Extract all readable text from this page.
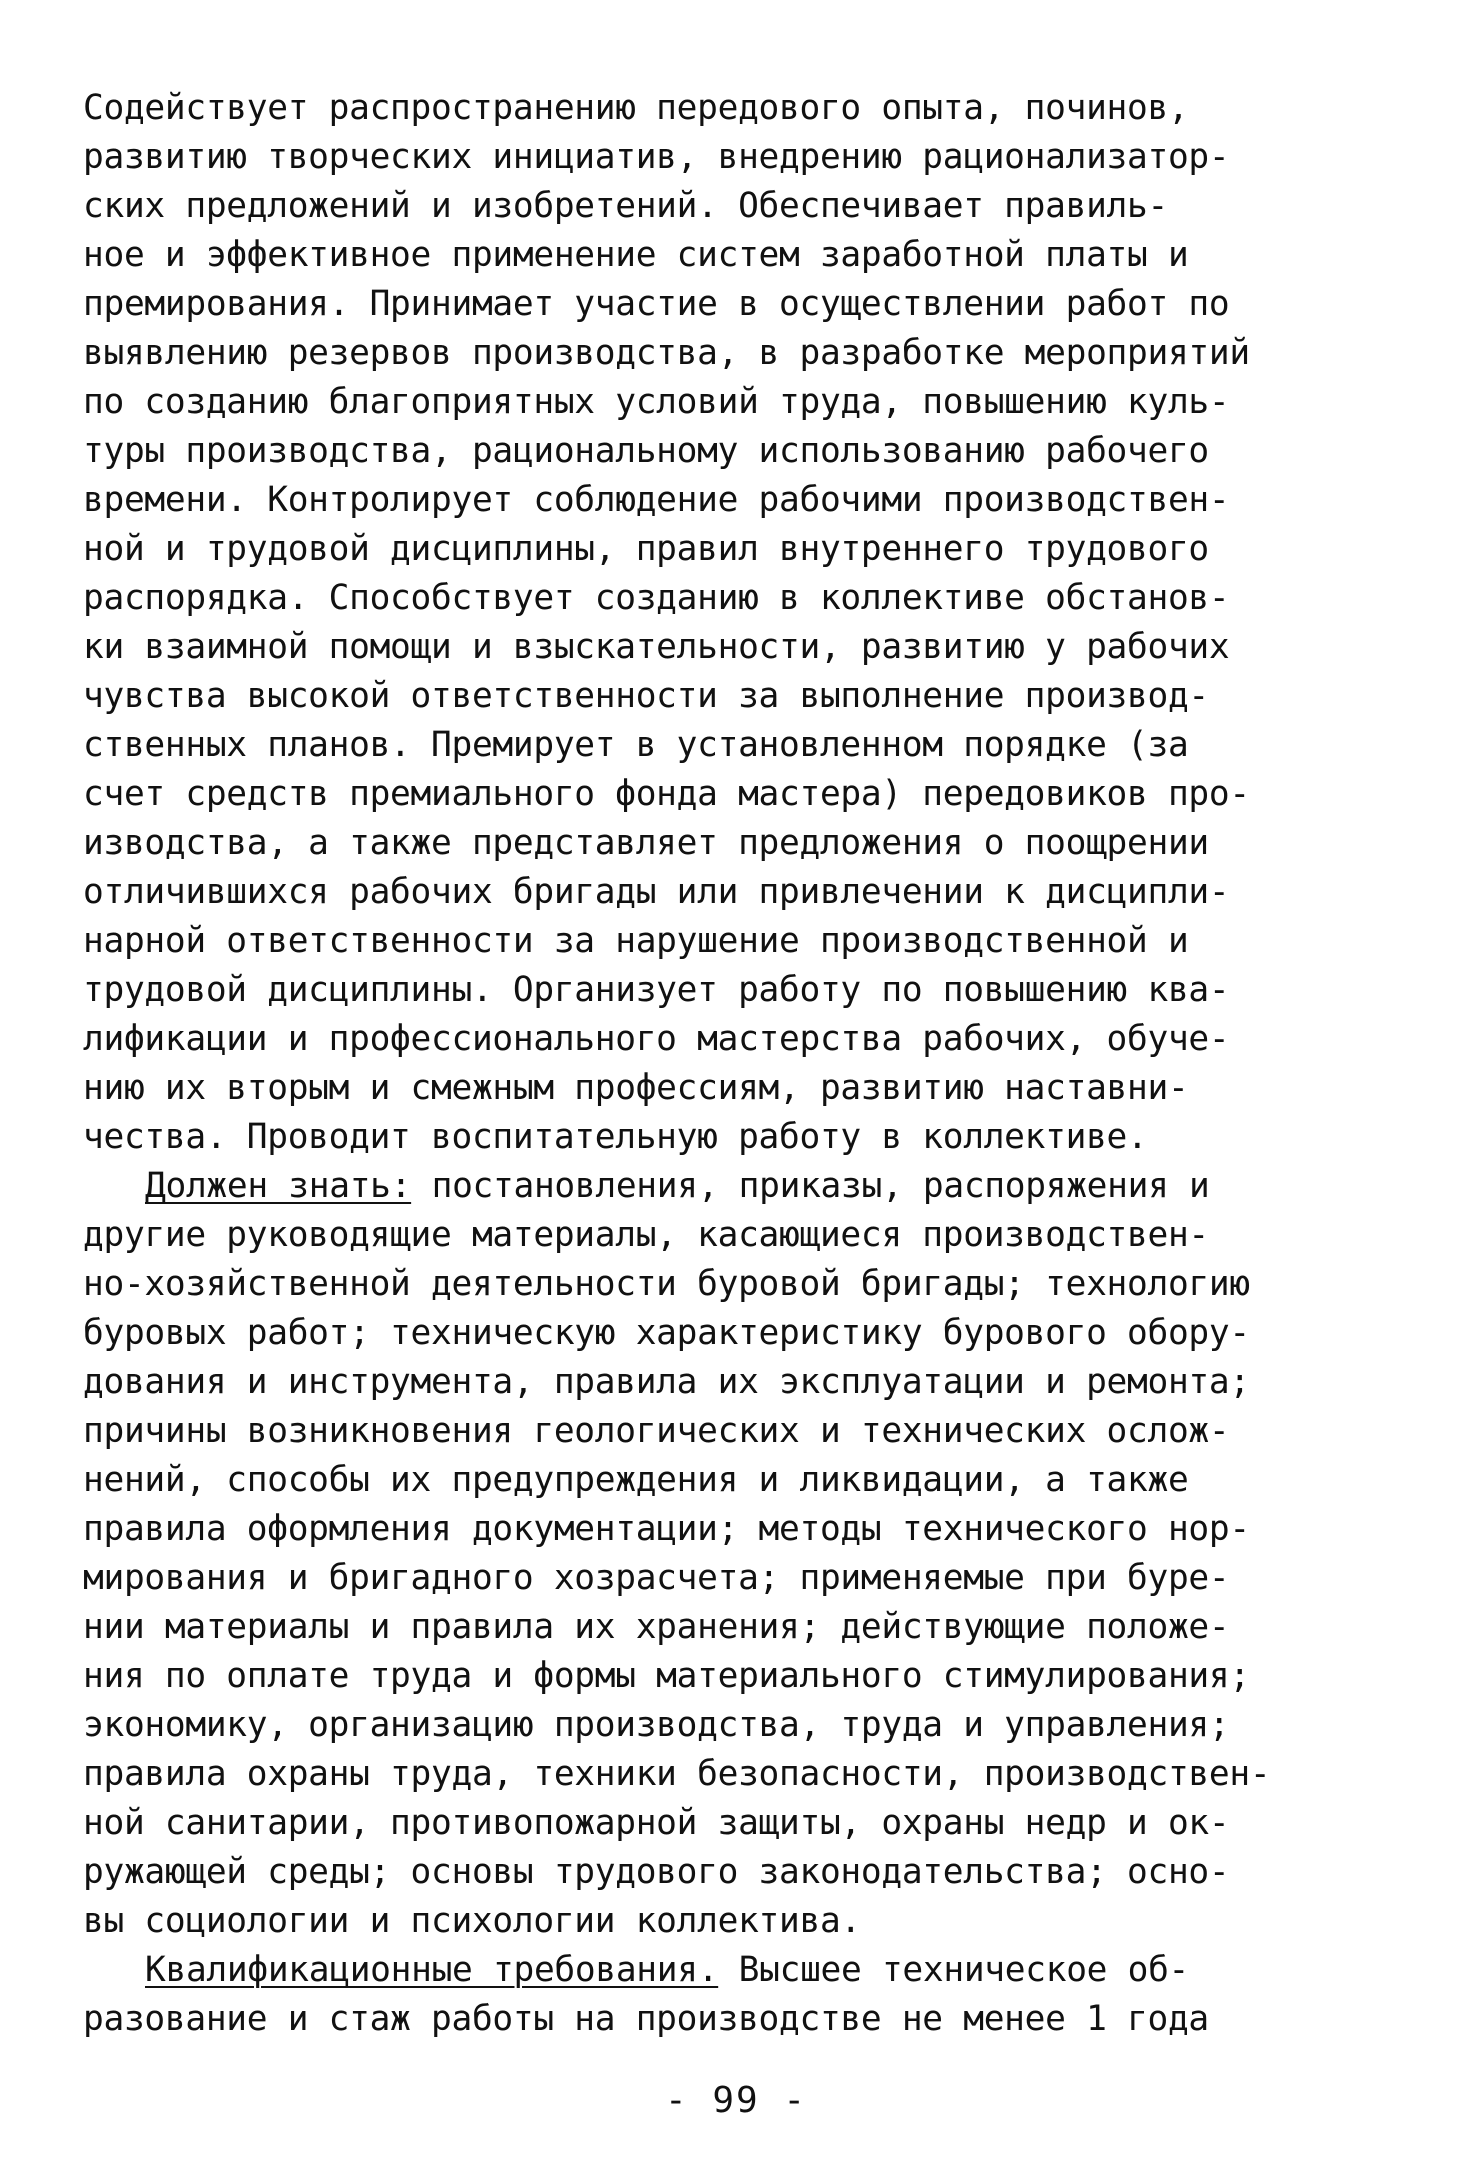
Содействует распространению передового опыта, починов,
развитию творческих инициатив, внедрению рационализатор-
ских предложений и изобретений. Обеспечивает правиль-
ное и эффективное применение систем заработной платы и
премирования. Принимает участие в осуществлении работ по
выявлению резервов производства, в разработке мероприятий
по созданию благоприятных условий труда, повышению куль-
туры производства, рациональному использованию рабочего
времени. Контролирует соблюдение рабочими производствен-
ной и трудовой дисциплины, правил внутреннего трудового
распорядка. Способствует созданию в коллективе обстанов-
ки взаимной помощи и взыскательности, развитию у рабочих
чувства высокой ответственности за выполнение производ-
ственных планов. Премирует в установленном порядке (за
счет средств премиального фонда мастера) передовиков про-
изводства, а также представляет предложения о поощрении
отличившихся рабочих бригады или привлечении к дисципли-
нарной ответственности за нарушение производственной и
трудовой дисциплины. Организует работу по повышению ква-
лификации и профессионального мастерства рабочих, обуче-
нию их вторым и смежным профессиям, развитию наставни-
чества. Проводит воспитательную работу в коллективе.
Должен знать: постановления, приказы, распоряжения и
другие руководящие материалы, касающиеся производствен-
но-хозяйственной деятельности буровой бригады; технологию
буровых работ; техническую характеристику бурового обору-
дования и инструмента, правила их эксплуатации и ремонта;
причины возникновения геологических и технических ослож-
нений, способы их предупреждения и ликвидации, а также
правила оформления документации; методы технического нор-
мирования и бригадного хозрасчета; применяемые при буре-
нии материалы и правила их хранения; действующие положе-
ния по оплате труда и формы материального стимулирования;
экономику, организацию производства, труда и управления;
правила охраны труда, техники безопасности, производствен-
ной санитарии, противопожарной защиты, охраны недр и ок-
ружающей среды; основы трудового законодательства; осно-
вы социологии и психологии коллектива.
Квалификационные требования. Высшее техническое об-
разование и стаж работы на производстве не менее 1 года
- 99 -
